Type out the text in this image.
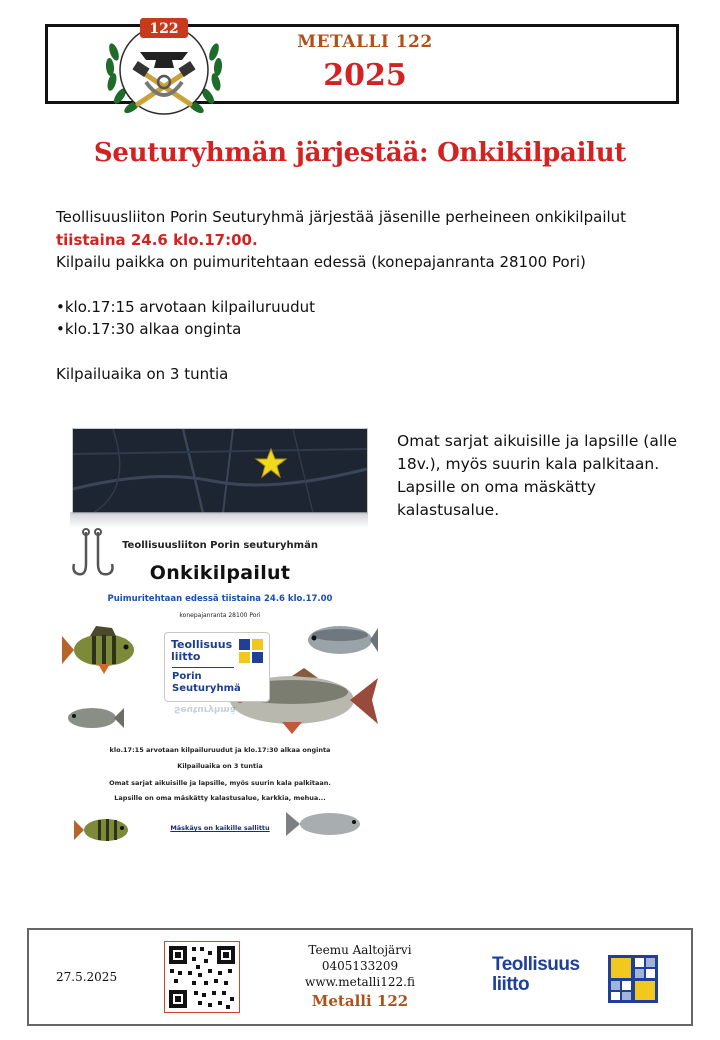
122
METALLI 122
2025
Seuturyhmän järjestää: Onkikilpailut

Teollisuusliiton Porin Seuturyhmä järjestää jäsenille perheineen onkikilpailut

tiistaina 24.6 klo.17:00.

Kilpailu paikka on puimuritehtaan edessä (konepajanranta 28100 Pori)

•klo.17:15 arvotaan kilpailuruudut

•klo.17:30 alkaa onginta

Kilpailuaika on 3 tuntia

Teollisuusliiton Porin seuturyhmän
Onkikilpailut
Puimuritehtaan edessä tiistaina 24.6 klo.17.00
konepajanranta 28100 Pori
Teollisuus
liitto
Porin
Seuturyhmä
Seuturyhmä
klo.17:15 arvotaan kilpailuruudut ja klo.17:30 alkaa onginta
Kilpailuaika on 3 tuntia
Omat sarjat aikuisille ja lapsille, myös suurin kala palkitaan.
Lapsille on oma mäskätty kalastusalue, karkkia, mehua...
Mäskäys on kaikille sallittu
Omat sarjat aikuisille ja lapsille (alle 18v.), myös suurin kala palkitaan. Lapsille on oma mäskätty kalastusalue.
27.5.2025
Teemu Aaltojärvi
0405133209
www.metalli122.fi
Metalli 122
Teollisuus
liitto
